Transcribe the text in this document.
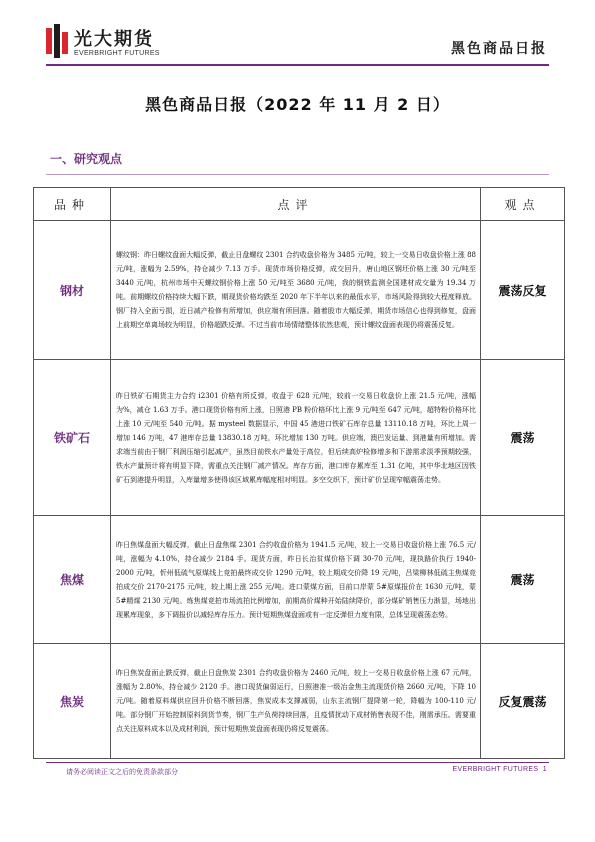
光大期货
EVERBRIGHT FUTURES	黑色商品日报
黑色商品日报（2022 年 11 月 2 日）
一、研究观点
品种	点评	观点
钢材	螺纹钢：昨日螺纹盘面大幅反弹，截止日盘螺纹 2301 合约收盘价格为 3485 元/吨，较上一交易日收盘价格上涨 88 元/吨，涨幅为 2.59%，持仓减少 7.13 万手。现货市场价格反弹，成交回升，唐山地区钢坯价格上涨 30 元/吨至 3440 元/吨，杭州市场中天螺纹钢价格上涨 50 元/吨至 3680 元/吨，我的钢铁监测全国建材成交量为 19.34 万吨。前期螺纹价格持续大幅下跌，期现货价格均跌至 2020 年下半年以来的最低水平，市场风险得到较大程度释放。钢厂持入全面亏损，近日减产检修有所增加，供应端有所回落。随着股市大幅反弹，期货市场信心也得到修复，盘面上前期空单离场较为明显，价格超跌反弹。不过当前市场情绪整体依然悲观，预计螺纹盘面表现仍将震荡反复。	震荡反复
铁矿石	昨日铁矿石期货主力合约 i2301 价格有所反弹，收盘于 628 元/吨，较前一交易日收盘价上涨 21.5 元/吨，涨幅为%，减仓 1.63 万手。港口现货价格有所上涨，日照港 PB 粉价格环比上涨 9 元/吨至 647 元/吨，超特粉价格环比上涨 10 元/吨至 540 元/吨。据 mysteel 数据显示，中国 45 港进口铁矿石库存总量 13110.18 万吨，环比上周一增加 146 万吨，47 港库存总量 13830.18 万吨，环比增加 130 万吨。供应端，澳巴发运量、到港量有所增加。需求端当前由于钢厂利润压缩引起减产，虽然目前铁水产量处于高位，但后续高炉检修增多和下游需求淡季预期较强，铁水产量预计将有明显下降，需重点关注钢厂减产情况。库存方面，港口库存累库至 1.31 亿吨，其中华北地区因铁矿石到港提升明显，入库量增多使得该区域累库幅度相对明显。多空交织下，预计矿价呈现窄幅震荡走势。	震荡
焦煤	昨日焦煤盘面大幅反弹，截止日盘焦煤 2301 合约收盘价格为 1941.5 元/吨，较上一交易日收盘价格上涨 76.5 元/吨，涨幅为 4.10%，持仓减少 2184 手。现货方面，昨日长治贫煤价格下调 30-70 元/吨，现执路价执行 1940-2000 元/吨，忻州低硫气原煤线上竞拍最终成交价 1290 元/吨，较上期成交价降 19 元/吨，吕梁柳林低硫主焦煤竞拍成交价 2170-2175 元/吨，较上期上涨 255 元/吨。进口蒙煤方面，目前口岸蒙 5#原煤报价在 1630 元/吨，蒙 5#精煤 2130 元/吨。炼焦煤竞拍市场流拍比例增加，前期高价煤种开始陆续降价，部分煤矿销售压力渐显，场地出现累库现象，多下调报价以减轻库存压力。预计短期焦煤盘面或有一定反弹但力度有限，总体呈现震荡态势。	震荡
焦炭	昨日焦炭盘面止跌反弹，截止日盘焦炭 2301 合约收盘价格为 2460 元/吨，较上一交易日收盘价格上涨 67 元/吨，涨幅为 2.80%，持仓减少 2120 手。港口现货偏弱运行，日照港准一级冶金焦主流现货价格 2660 元/吨，下降 10 元/吨。随着原料煤供应回升价格不断回落，焦炭成本支撑减弱，山东主流钢厂提降第一轮，降幅为 100-110 元/吨。部分钢厂开始控制原料到货节奏，钢厂生产负荷持续回落，且疫情扰动下成材销售表现不佳，刚需承压。需要重点关注原料成本以及成材利润，预计短期焦炭盘面表现仍将反复震荡。	反复震荡
请务必阅读正文之后的免责条款部分	EVERBRIGHT FUTURES 1
